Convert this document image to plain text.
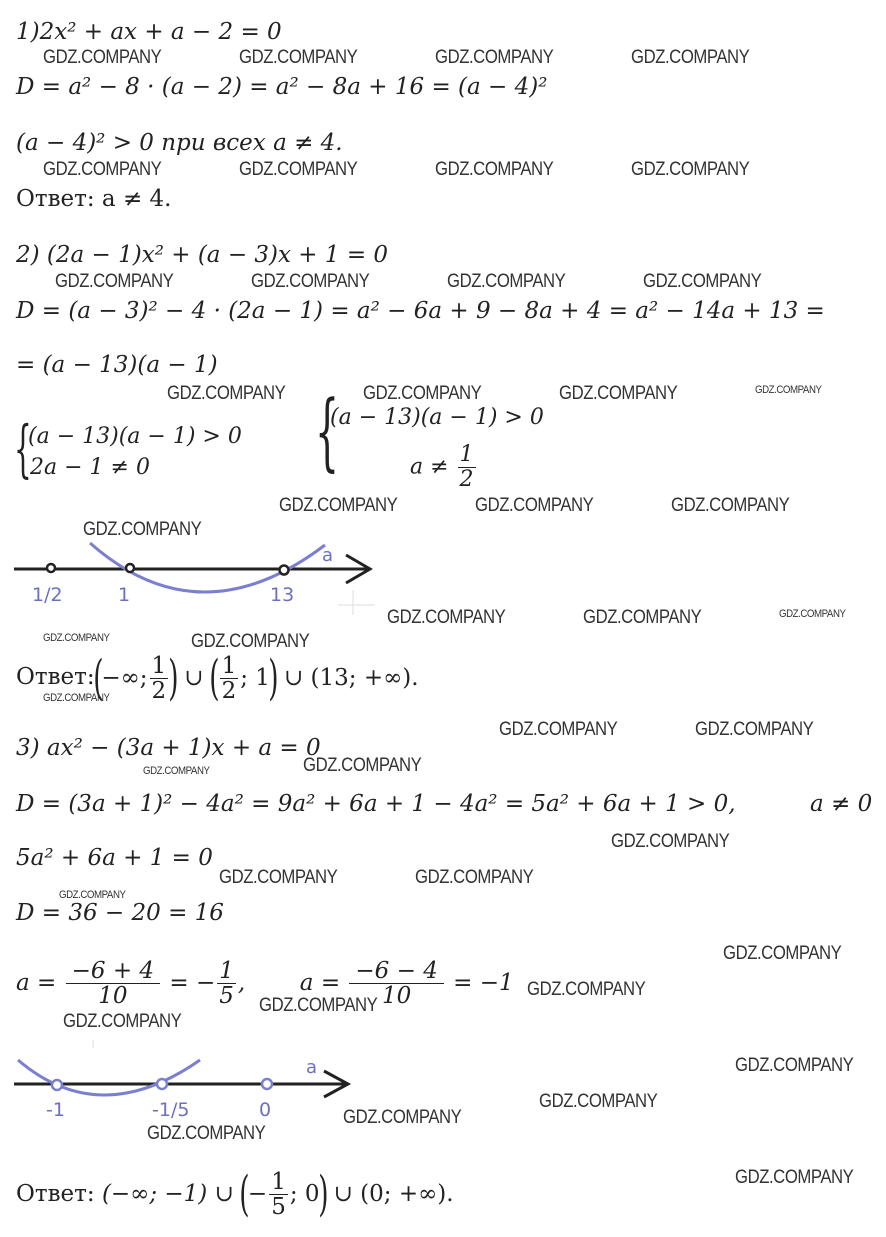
1)2x² + ax + a − 2 = 0
D = a² − 8 · (a − 2) = a² − 8a + 16 = (a − 4)²
(a − 4)² > 0 при всех a ≠ 4.
Ответ: a ≠ 4.
2) (2a − 1)x² + (a − 3)x + 1 = 0
D = (a − 3)² − 4 · (2a − 1) = a² − 6a + 9 − 8a + 4 = a² − 14a + 13 =
= (a − 13)(a − 1)
{
(a − 13)(a − 1) > 0
2a − 1 ≠ 0 {
(a − 13)(a − 1) > 0
$a \ne \frac{1}{2}$
1/2	1	13
a
Ответ:(−∞; $\frac{1}{2}$ ) ∪ ( $\frac{1}{2}$ ; 1) ∪ (13; +∞).
3) ax² − (3a + 1)x + a = 0
D = (3a + 1)² − 4a² = 9a² + 6a + 1 − 4a² = 5a² + 6a + 1 > 0,	a ≠ 0
5a² + 6a + 1 = 0
D = 36 − 20 = 16
$a = \frac{-6 + 4}{10}$ = − $\frac{1}{5}$ , $a = \frac{-6 - 4}{10} = -1$
-1	-1/5	0
a
Ответ: (−∞; −1) ∪ (− $\frac{1}{5}$ ; 0) ∪ (0; +∞).
GDZ.COMPANY	GDZ.COMPANY	GDZ.COMPANY	GDZ.COMPANY
GDZ.COMPANY	GDZ.COMPANY	GDZ.COMPANY	GDZ.COMPANY
GDZ.COMPANY	GDZ.COMPANY	GDZ.COMPANY	GDZ.COMPANY
GDZ.COMPANY	GDZ.COMPANY	GDZ.COMPANY	GDZ.COMPANY
GDZ.COMPANY	GDZ.COMPANY	GDZ.COMPANY
GDZ.COMPANY
GDZ.COMPANY	GDZ.COMPANY	GDZ.COMPANY
GDZ.COMPANY	GDZ.COMPANY
GDZ.COMPANY
GDZ.COMPANY	GDZ.COMPANY
GDZ.COMPANY	GDZ.COMPANY
GDZ.COMPANY
GDZ.COMPANY	GDZ.COMPANY
GDZ.COMPANY
GDZ.COMPANY
GDZ.COMPANY
GDZ.COMPANY
GDZ.COMPANY
GDZ.COMPANY
GDZ.COMPANY
GDZ.COMPANY
GDZ.COMPANY
GDZ.COMPANY
